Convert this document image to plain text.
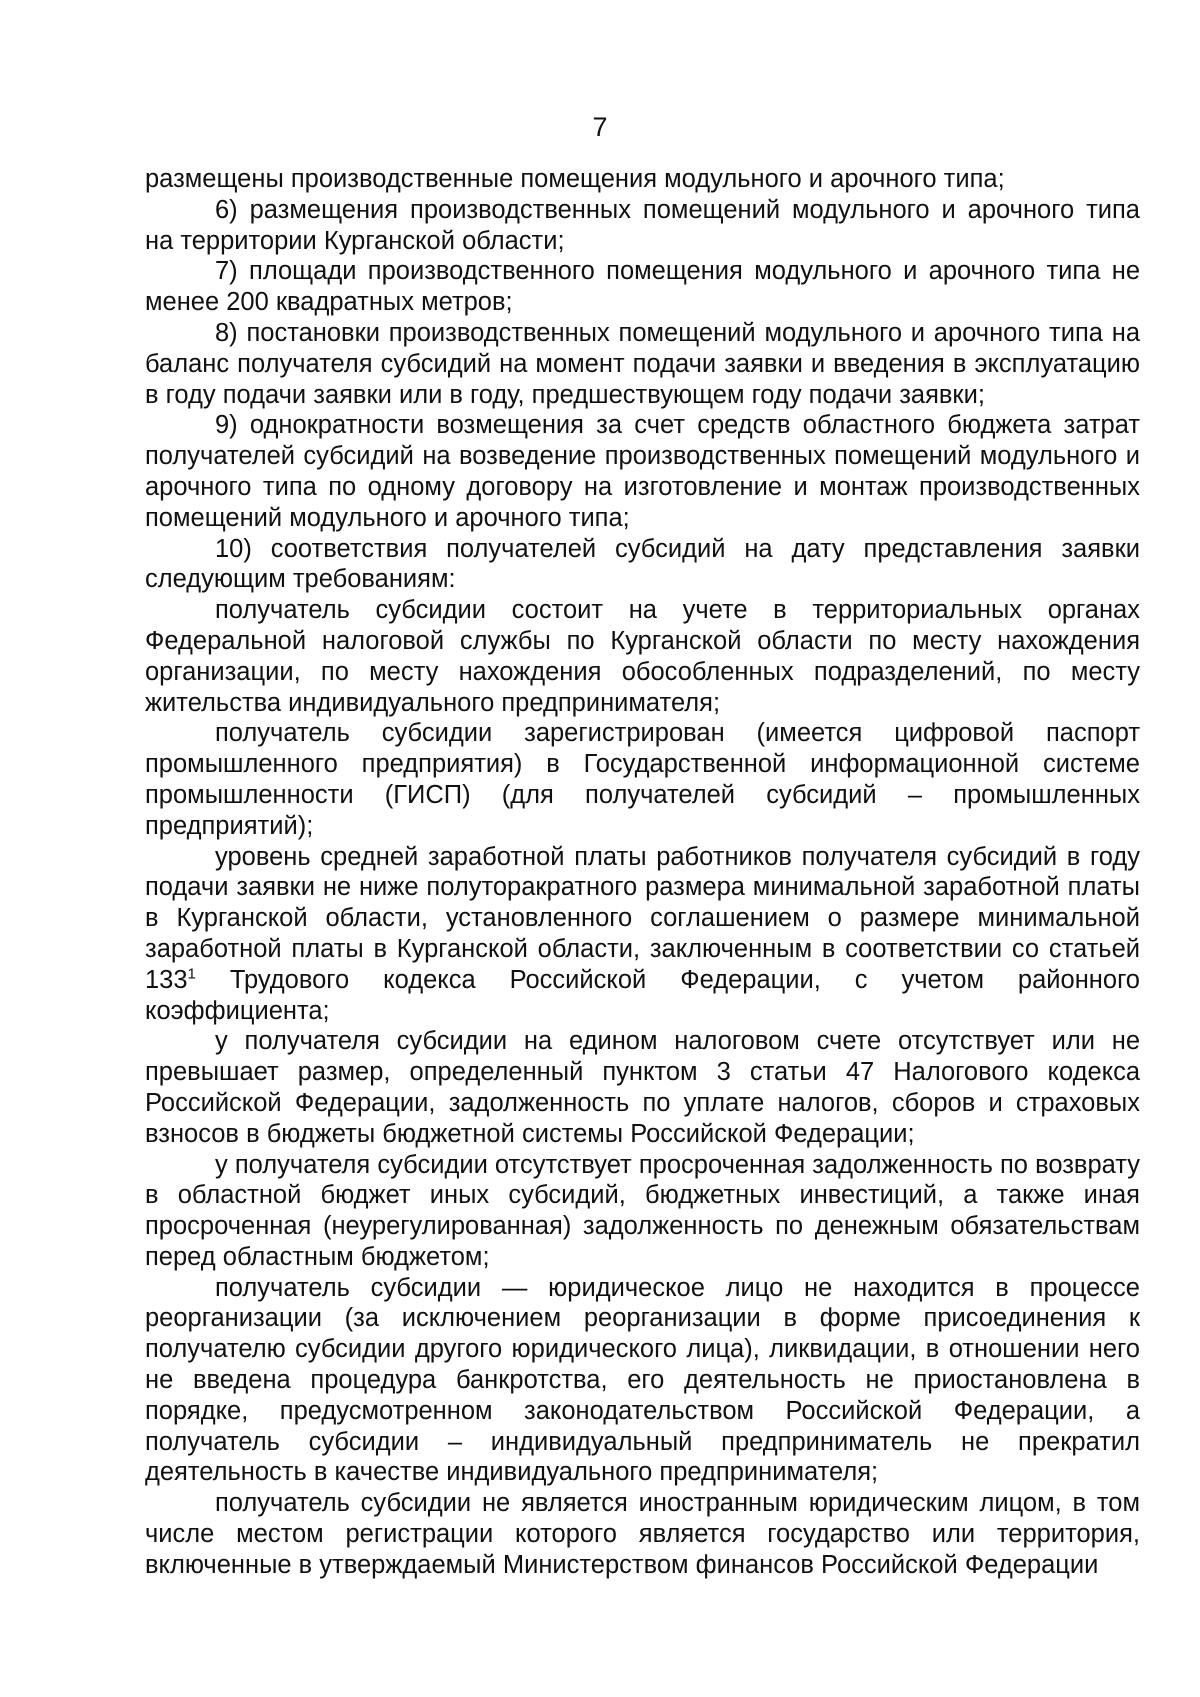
7

размещены производственные помещения модульного и арочного типа;

6) размещения производственных помещений модульного и арочного типа на территории Курганской области;

7) площади производственного помещения модульного и арочного типа не менее 200 квадратных метров;

8) постановки производственных помещений модульного и арочного типа на баланс получателя субсидий на момент подачи заявки и введения в эксплуатацию в году подачи заявки или в году, предшествующем году подачи заявки;

9) однократности возмещения за счет средств областного бюджета затрат получателей субсидий на возведение производственных помещений модульного и арочного типа по одному договору на изготовление и монтаж производственных помещений модульного и арочного типа;

10) соответствия получателей субсидий на дату представления заявки следующим требованиям:

получатель субсидии состоит на учете в территориальных органах Федеральной налоговой службы по Курганской области по месту нахождения организации, по месту нахождения обособленных подразделений, по месту жительства индивидуального предпринимателя;

получатель субсидии зарегистрирован (имеется цифровой паспорт промышленного предприятия) в Государственной информационной системе промышленности (ГИСП) (для получателей субсидий – промышленных предприятий);

уровень средней заработной платы работников получателя субсидий в году подачи заявки не ниже полуторакратного размера минимальной заработной платы в Курганской области, установленного соглашением о размере минимальной заработной платы в Курганской области, заключенным в соответствии со статьей $133^1$ Трудового кодекса Российской Федерации, с учетом районного коэффициента;

у получателя субсидии на едином налоговом счете отсутствует или не превышает размер, определенный пунктом 3 статьи 47 Налогового кодекса Российской Федерации, задолженность по уплате налогов, сборов и страховых взносов в бюджеты бюджетной системы Российской Федерации;

у получателя субсидии отсутствует просроченная задолженность по возврату в областной бюджет иных субсидий, бюджетных инвестиций, а также иная просроченная (неурегулированная) задолженность по денежным обязательствам перед областным бюджетом;

получатель субсидии — юридическое лицо не находится в процессе реорганизации (за исключением реорганизации в форме присоединения к получателю субсидии другого юридического лица), ликвидации, в отношении него не введена процедура банкротства, его деятельность не приостановлена в порядке, предусмотренном законодательством Российской Федерации, а получатель субсидии – индивидуальный предприниматель не прекратил деятельность в качестве индивидуального предпринимателя;

получатель субсидии не является иностранным юридическим лицом, в том числе местом регистрации которого является государство или территория, включенные в утверждаемый Министерством финансов Российской Федерации
